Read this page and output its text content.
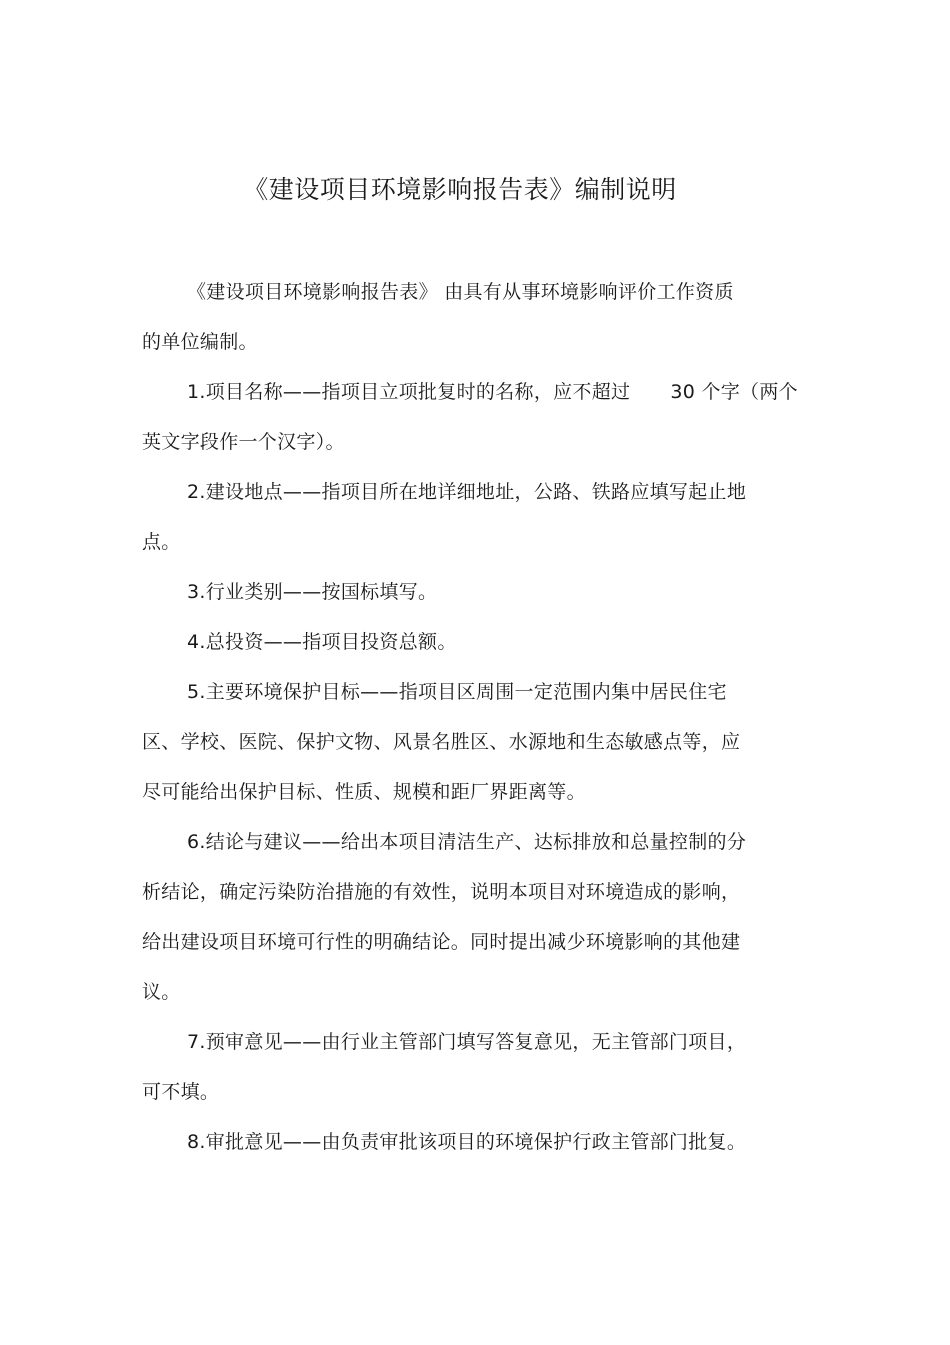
《建设项目环境影响报告表》编制说明
《建设项目环境影响报告表》 由具有从事环境影响评价工作资质
的单位编制。
1.项目名称——指项目立项批复时的名称，应不超过 30 个字（两个
英文字段作一个汉字）。
2.建设地点——指项目所在地详细地址，公路、铁路应填写起止地
点。
3.行业类别——按国标填写。
4.总投资——指项目投资总额。
5.主要环境保护目标——指项目区周围一定范围内集中居民住宅
区、学校、医院、保护文物、风景名胜区、水源地和生态敏感点等，应
尽可能给出保护目标、性质、规模和距厂界距离等。
6.结论与建议——给出本项目清洁生产、达标排放和总量控制的分
析结论，确定污染防治措施的有效性，说明本项目对环境造成的影响，
给出建设项目环境可行性的明确结论。同时提出减少环境影响的其他建
议。
7.预审意见——由行业主管部门填写答复意见，无主管部门项目，
可不填。
8.审批意见——由负责审批该项目的环境保护行政主管部门批复。
